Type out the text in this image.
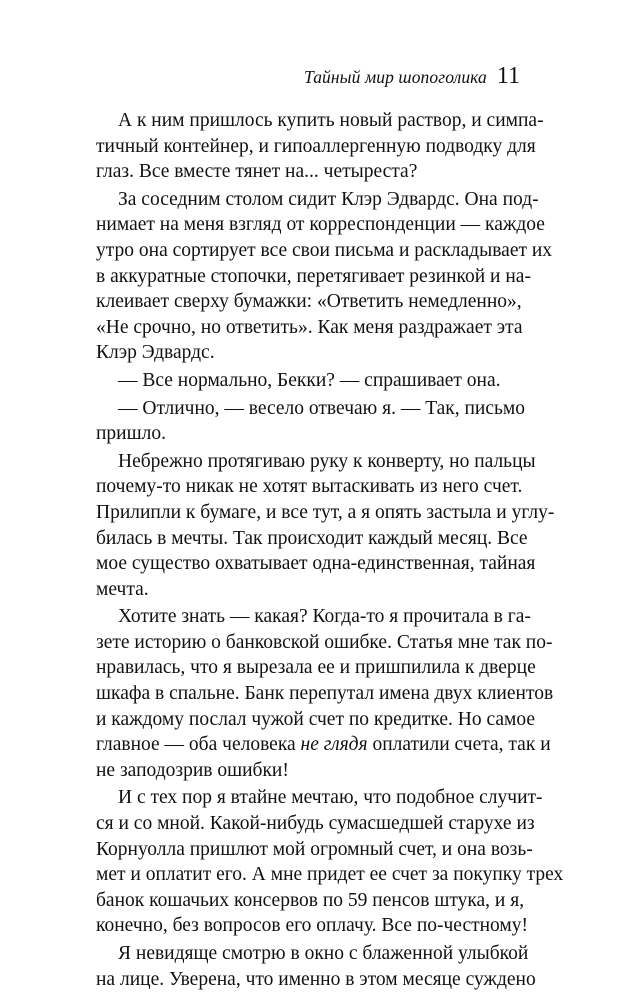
Тайный мир шопоголика 11
А к ним пришлось купить новый раствор, и симпа-
тичный контейнер, и гипоаллергенную подводку для
глаз. Все вместе тянет на... четыреста?
За соседним столом сидит Клэр Эдвардс. Она под-
нимает на меня взгляд от корреспонденции — каждое
утро она сортирует все свои письма и раскладывает их
в аккуратные стопочки, перетягивает резинкой и на-
клеивает сверху бумажки: «Ответить немедленно»,
«Не срочно, но ответить». Как меня раздражает эта
Клэр Эдвардс.
— Все нормально, Бекки? — спрашивает она.
— Отлично, — весело отвечаю я. — Так, письмо
пришло.
Небрежно протягиваю руку к конверту, но пальцы
почему-то никак не хотят вытаскивать из него счет.
Прилипли к бумаге, и все тут, а я опять застыла и углу-
билась в мечты. Так происходит каждый месяц. Все
мое существо охватывает одна-единственная, тайная
мечта.
Хотите знать — какая? Когда-то я прочитала в га-
зете историю о банковской ошибке. Статья мне так по-
нравилась, что я вырезала ее и пришпилила к дверце
шкафа в спальне. Банк перепутал имена двух клиентов
и каждому послал чужой счет по кредитке. Но самое
главное — оба человека не глядя оплатили счета, так и
не заподозрив ошибки!
И с тех пор я втайне мечтаю, что подобное случит-
ся и со мной. Какой-нибудь сумасшедшей старухе из
Корнуолла пришлют мой огромный счет, и она возь-
мет и оплатит его. А мне придет ее счет за покупку трех
банок кошачьих консервов по 59 пенсов штука, и я,
конечно, без вопросов его оплачу. Все по-честному!
Я невидяще смотрю в окно с блаженной улыбкой
на лице. Уверена, что именно в этом месяце суждено
